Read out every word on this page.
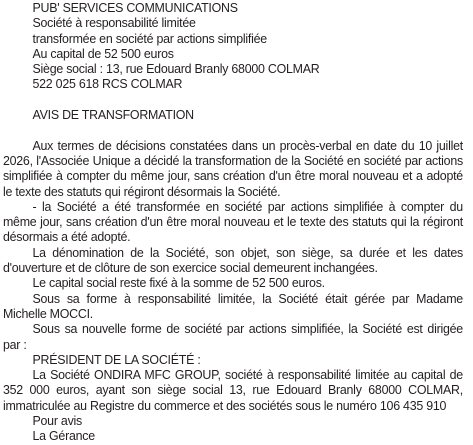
PUB' SERVICES COMMUNICATIONS
Société à responsabilité limitée
transformée en société par actions simplifiée
Au capital de 52 500 euros
Siège social : 13, rue Edouard Branly 68000 COLMAR
522 025 618 RCS COLMAR
AVIS DE TRANSFORMATION

Aux termes de décisions constatées dans un procès-verbal en date du 10 juillet 2026, l'Associée Unique a décidé la transformation de la Société en société par actions simplifiée à compter du même jour, sans création d'un être moral nouveau et a adopté le texte des statuts qui régiront désormais la Société.

- la Société a été transformée en société par actions simplifiée à compter du même jour, sans création d'un être moral nouveau et le texte des statuts qui la régiront désormais a été adopté.

La dénomination de la Société, son objet, son siège, sa durée et les dates d'ouverture et de clôture de son exercice social demeurent inchangées.

Le capital social reste fixé à la somme de 52 500 euros.

Sous sa forme à responsabilité limitée, la Société était gérée par Madame Michelle MOCCI.

Sous sa nouvelle forme de société par actions simplifiée, la Société est dirigée par :

PRÉSIDENT DE LA SOCIÉTÉ :

La Société ONDIRA MFC GROUP, société à responsabilité limitée au capital de 352 000 euros, ayant son siège social 13, rue Edouard Branly 68000 COLMAR, immatriculée au Registre du commerce et des sociétés sous le numéro 106 435 910

Pour avis
La Gérance
